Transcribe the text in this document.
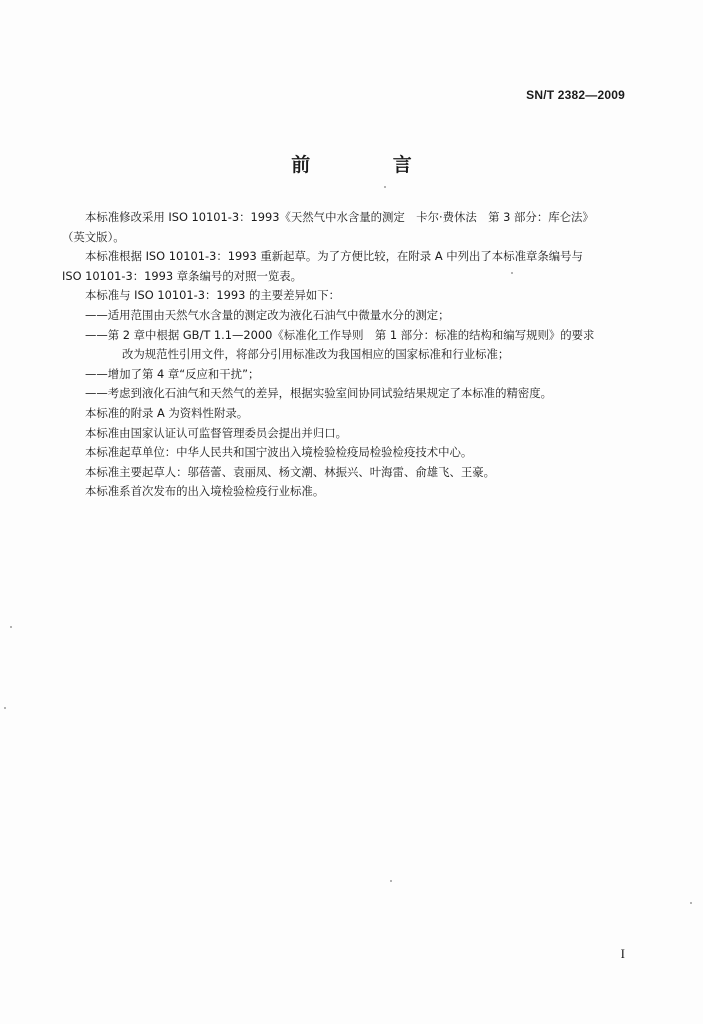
SN/T 2382—2009
前 言

本标准修改采用 ISO 10101-3：1993《天然气中水含量的测定　卡尔·费休法　第 3 部分：库仑法》

（英文版）。

本标准根据 ISO 10101-3：1993 重新起草。为了方便比较，在附录 A 中列出了本标准章条编号与

ISO 10101-3：1993 章条编号的对照一览表。

本标准与 ISO 10101-3：1993 的主要差异如下：

——适用范围由天然气水含量的测定改为液化石油气中微量水分的测定；

——第 2 章中根据 GB/T 1.1—2000《标准化工作导则　第 1 部分：标准的结构和编写规则》的要求

改为规范性引用文件，将部分引用标准改为我国相应的国家标准和行业标准；

——增加了第 4 章“反应和干扰”；

——考虑到液化石油气和天然气的差异，根据实验室间协同试验结果规定了本标准的精密度。

本标准的附录 A 为资料性附录。

本标准由国家认证认可监督管理委员会提出并归口。

本标准起草单位：中华人民共和国宁波出入境检验检疫局检验检疫技术中心。

本标准主要起草人：邬蓓蕾、袁丽凤、杨文潮、林振兴、叶海雷、俞雄飞、王豪。

本标准系首次发布的出入境检验检疫行业标准。

I
